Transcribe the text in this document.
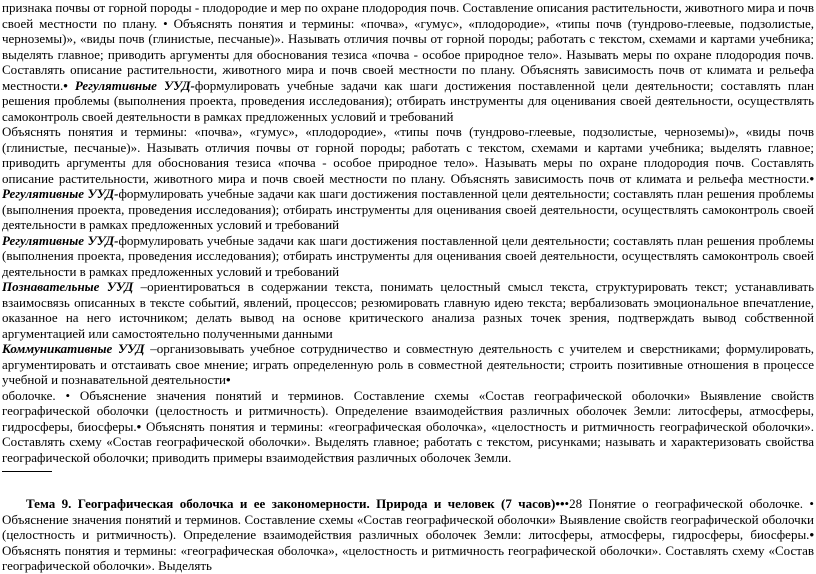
признака почвы от горной породы - плодородие и мер по охране плодородия почв. Составление описания растительности, животного мира и почв своей местности по плану. • Объяснять понятия и термины: «почва», «гумус», «плодородие», «типы почв (тундрово-глеевые, подзолистые, черноземы)», «виды почв (глинистые, песчаные)». Называть отличия почвы от горной породы; работать с текстом, схемами и картами учебника; выделять главное; приводить аргументы для обоснования тезиса «почва - особое природное тело». Называть меры по охране плодородия почв. Составлять описание растительности, животного мира и почв своей местности по плану. Объяснять зависимость почв от климата и рельефа местности.• Регулятивные УУД-формулировать учебные задачи как шаги достижения поставленной цели деятельности; составлять план решения проблемы (выполнения проекта, проведения исследования); отбирать инструменты для оценивания своей деятельности, осуществлять самоконтроль своей деятельности в рамках предложенных условий и требований

Объяснять понятия и термины: «почва», «гумус», «плодородие», «типы почв (тундрово-глеевые, подзолистые, черноземы)», «виды почв (глинистые, песчаные)». Называть отличия почвы от горной породы; работать с текстом, схемами и картами учебника; выделять главное; приводить аргументы для обоснования тезиса «почва - особое природное тело». Называть меры по охране плодородия почв. Составлять описание растительности, животного мира и почв своей местности по плану. Объяснять зависимость почв от климата и рельефа местности.• Регулятивные УУД-формулировать учебные задачи как шаги достижения поставленной цели деятельности; составлять план решения проблемы (выполнения проекта, проведения исследования); отбирать инструменты для оценивания своей деятельности, осуществлять самоконтроль своей деятельности в рамках предложенных условий и требований

Регулятивные УУД-формулировать учебные задачи как шаги достижения поставленной цели деятельности; составлять план решения проблемы (выполнения проекта, проведения исследования); отбирать инструменты для оценивания своей деятельности, осуществлять самоконтроль своей деятельности в рамках предложенных условий и требований

Познавательные УУД –ориентироваться в содержании текста, понимать целостный смысл текста, структурировать текст; устанавливать взаимосвязь описанных в тексте событий, явлений, процессов; резюмировать главную идею текста; вербализовать эмоциональное впечатление, оказанное на него источником; делать вывод на основе критического анализа разных точек зрения, подтверждать вывод собственной аргументацией или самостоятельно полученными данными

Коммуникативные УУД –организовывать учебное сотрудничество и совместную деятельность с учителем и сверстниками; формулировать, аргументировать и отстаивать свое мнение; играть определенную роль в совместной деятельности; строить позитивные отношения в процессе учебной и познавательной деятельности•

оболочке. • Объяснение значения понятий и терминов. Составление схемы «Состав географической оболочки» Выявление свойств географической оболочки (целостность и ритмичность). Определение взаимодействия различных оболочек Земли: литосферы, атмосферы, гидросферы, биосферы.• Объяснять понятия и термины: «географическая оболочка», «целостность и ритмичность географической оболочки». Составлять схему «Состав географической оболочки». Выделять главное; работать с текстом, рисунками; называть и характеризовать свойства географической оболочки; приводить примеры взаимодействия различных оболочек Земли.

Тема 9. Географическая оболочка и ее закономерности. Природа и человек (7 часов)•••28 Понятие о географической оболочке. • Объяснение значения понятий и терминов. Составление схемы «Состав географической оболочки» Выявление свойств географической оболочки (целостность и ритмичность). Определение взаимодействия различных оболочек Земли: литосферы, атмосферы, гидросферы, биосферы.• Объяснять понятия и термины: «географическая оболочка», «целостность и ритмичность географической оболочки». Составлять схему «Состав географической оболочки». Выделять
